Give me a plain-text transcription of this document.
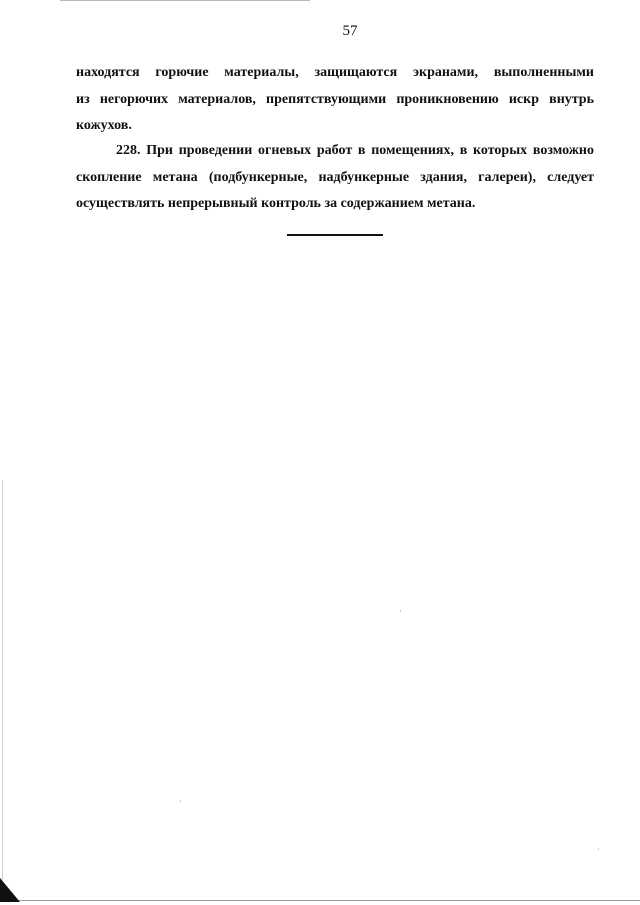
57
находятся горючие материалы, защищаются экранами, выполненными
из негорючих материалов, препятствующими проникновению искр внутрь
кожухов.
228. При проведении огневых работ в помещениях, в которых возможно
скопление метана (подбункерные, надбункерные здания, галереи), следует
осуществлять непрерывный контроль за содержанием метана.
